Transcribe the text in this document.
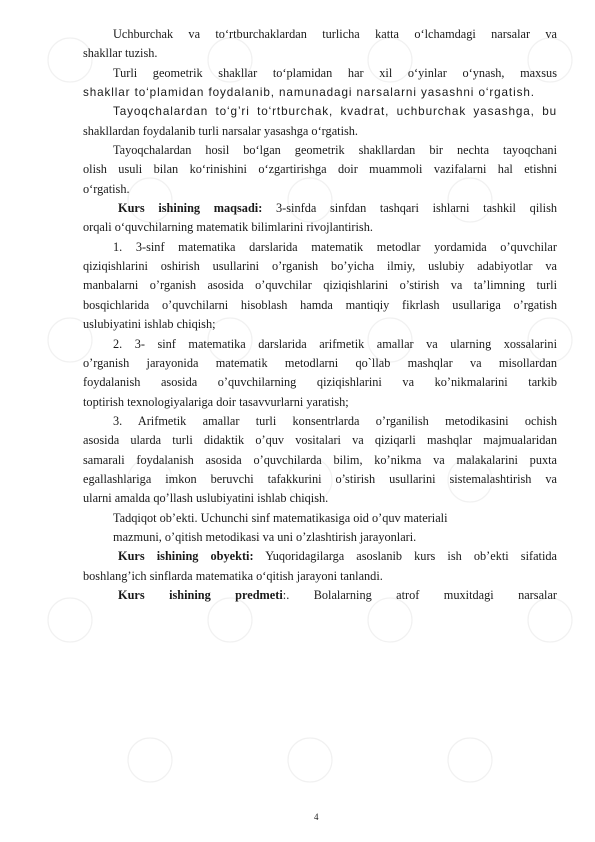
Uchburchak va to‘rtburchaklardan turlicha katta o‘lchamdagi narsalar va
shakllar tuzish.
Turli geometrik shakllar to‘plamidan har xil o‘yinlar o‘ynash, maxsus
shakllar to‘plamidan foydalanib, namunadagi narsalarni yasashni o‘rgatish.
Tayoqchalardan to‘g’ri to‘rtburchak, kvadrat, uchburchak yasashga, bu
shakllardan foydalanib turli narsalar yasashga o‘rgatish.
Tayoqchalardan hosil bo‘lgan geometrik shakllardan bir nechta tayoqchani
olish usuli bilan ko‘rinishini o‘zgartirishga doir muammoli vazifalarni hal etishni
o‘rgatish.
Kurs ishining maqsadi: 3-sinfda sinfdan tashqari ishlarni tashkil qilish
orqali o‘quvchilarning matematik bilimlarini rivojlantirish.
1. 3-sinf matematika darslarida matematik metodlar yordamida o’quvchilar
qiziqishlarini oshirish usullarini o’rganish bo’yicha ilmiy, uslubiy adabiyotlar va
manbalarni o’rganish asosida o’quvchilar qiziqishlarini o’stirish va ta’limning turli
bosqichlarida o’quvchilarni hisoblash hamda mantiqiy fikrlash usullariga o’rgatish
uslubiyatini ishlab chiqish;
2. 3- sinf matematika darslarida arifmetik amallar va ularning xossalarini
o’rganish jarayonida matematik metodlarni qo`llab mashqlar va misollardan
foydalanish asosida o’quvchilarning qiziqishlarini va ko’nikmalarini tarkib
toptirish texnologiyalariga doir tasavvurlarni yaratish;
3. Arifmetik amallar turli konsentrlarda o’rganilish metodikasini ochish
asosida ularda turli didaktik o’quv vositalari va qiziqarli mashqlar majmualaridan
samarali foydalanish asosida o’quvchilarda bilim, ko’nikma va malakalarini puxta
egallashlariga imkon beruvchi tafakkurini o’stirish usullarini sistemalashtirish va
ularni amalda qo’llash uslubiyatini ishlab chiqish.
Tadqiqot ob’ekti. Uchunchi sinf matematikasiga oid o’quv materiali
mazmuni, o’qitish metodikasi va uni o’zlashtirish jarayonlari.
Kurs ishining obyekti: Yuqoridagilarga asoslanib kurs ish ob’ekti sifatida
boshlang’ich sinflarda matematika o‘qitish jarayoni tanlandi.
Kurs ishining predmeti:. Bolalarning atrof muxitdagi narsalar
4
